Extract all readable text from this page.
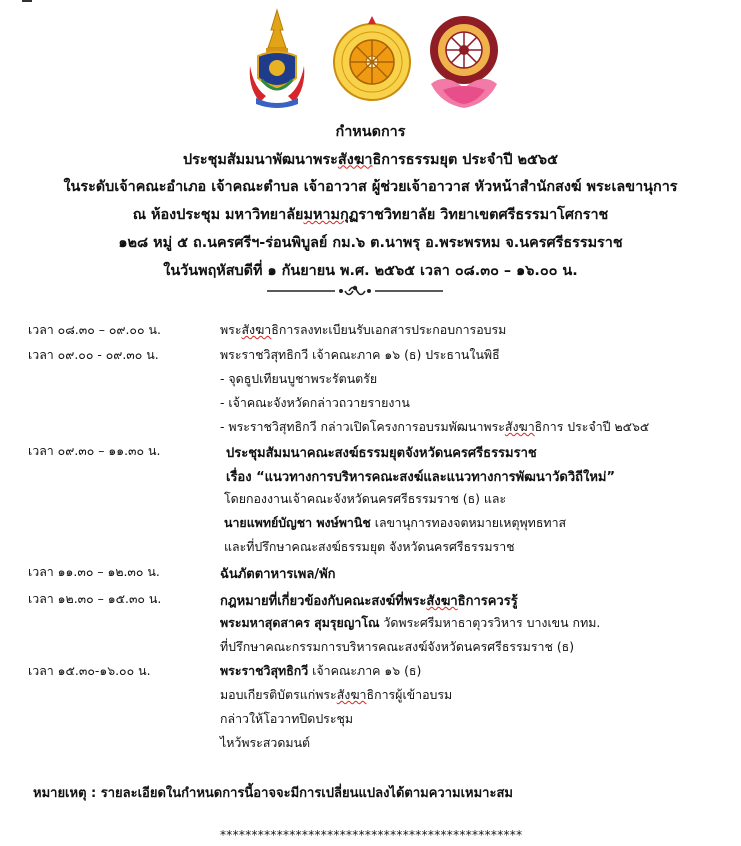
กำหนดการ
ประชุมสัมมนาพัฒนาพระสังฆาธิการธรรมยุต ประจำปี ๒๕๖๕
ในระดับเจ้าคณะอำเภอ เจ้าคณะตำบล เจ้าอาวาส ผู้ช่วยเจ้าอาวาส หัวหน้าสำนักสงฆ์ พระเลขานุการ
ณ ห้องประชุม มหาวิทยาลัยมหามกุฏราชวิทยาลัย วิทยาเขตศรีธรรมาโศกราช
๑๒๘ หมู่ ๕ ถ.นครศรีฯ-ร่อนพิบูลย์ กม.๖ ต.นาพรุ อ.พระพรหม จ.นครศรีธรรมราช
ในวันพฤหัสบดีที่ ๑ กันยายน พ.ศ. ๒๕๖๕ เวลา ๐๘.๓๐ – ๑๖.๐๐ น.
เวลา ๐๘.๓๐ – ๐๙.๐๐ น.	พระสังฆาธิการลงทะเบียนรับเอกสารประกอบการอบรม
เวลา ๐๙.๐๐ - ๐๙.๓๐ น.	พระราชวิสุทธิกวี เจ้าคณะภาค ๑๖ (ธ) ประธานในพิธี
- จุดธูปเทียนบูชาพระรัตนตรัย
- เจ้าคณะจังหวัดกล่าวถวายรายงาน
- พระราชวิสุทธิกวี กล่าวเปิดโครงการอบรมพัฒนาพระสังฆาธิการ ประจำปี ๒๕๖๕
เวลา ๐๙.๓๐ – ๑๑.๓๐ น.	ประชุมสัมมนาคณะสงฆ์ธรรมยุตจังหวัดนครศรีธรรมราช
เรื่อง “แนวทางการบริหารคณะสงฆ์และแนวทางการพัฒนาวัดวิถีใหม่”
โดยกองงานเจ้าคณะจังหวัดนครศรีธรรมราช (ธ) และ
นายแพทย์บัญชา พงษ์พานิช เลขานุการทองจตหมายเหตุพุทธทาส
และที่ปรึกษาคณะสงฆ์ธรรมยุต จังหวัดนครศรีธรรมราช
เวลา ๑๑.๓๐ – ๑๒.๓๐ น.	ฉันภัตตาหารเพล/พัก
เวลา ๑๒.๓๐ – ๑๕.๓๐ น.	กฎหมายที่เกี่ยวข้องกับคณะสงฆ์ที่พระสังฆาธิการควรรู้
พระมหาสุดสาคร สุมรุยญาโณ วัดพระศรีมหาธาตุวรวิหาร บางเขน กทม.
ที่ปรึกษาคณะกรรมการบริหารคณะสงฆ์จังหวัดนครศรีธรรมราช (ธ)
เวลา ๑๕.๓๐-๑๖.๐๐ น.	พระราชวิสุทธิกวี เจ้าคณะภาค ๑๖ (ธ)
มอบเกียรติบัตรแก่พระสังฆาธิการผู้เข้าอบรม
กล่าวให้โอวาทปิดประชุม
ไหว้พระสวดมนต์
หมายเหตุ : รายละเอียดในกำหนดการนี้อาจจะมีการเปลี่ยนแปลงได้ตามความเหมาะสม
************************************************
